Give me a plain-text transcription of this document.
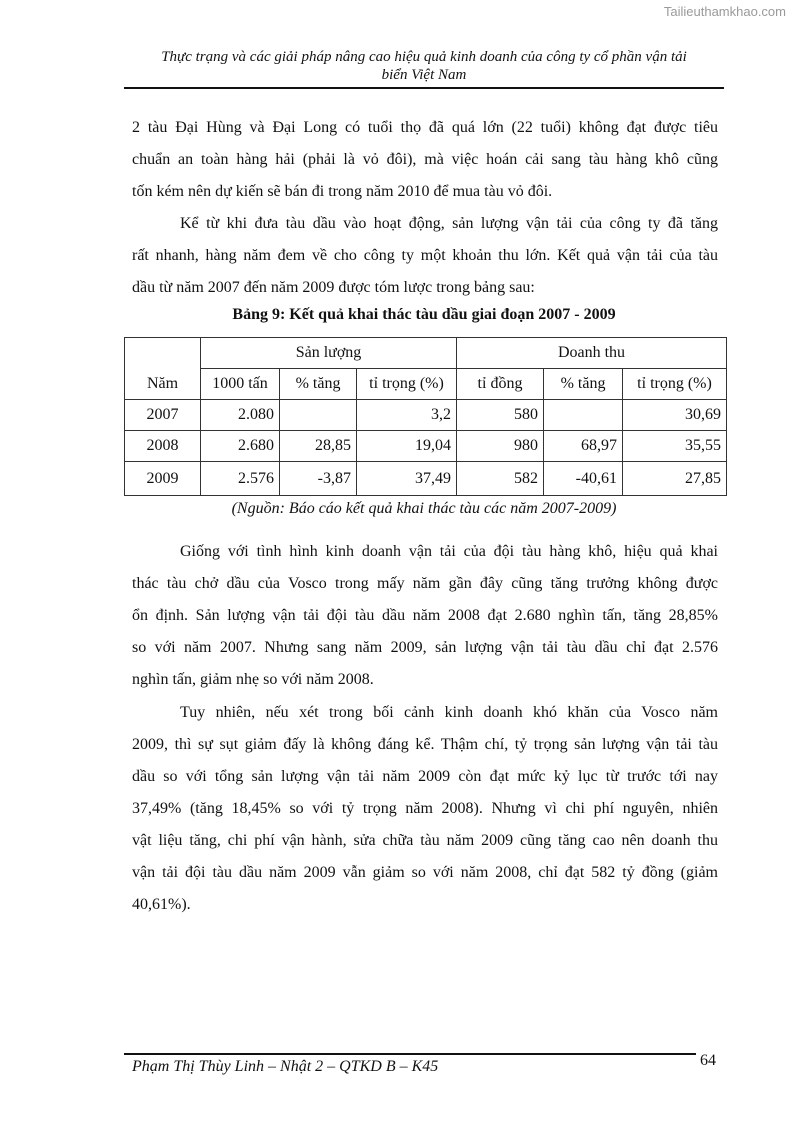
Tailieuthamkhao.com
Thực trạng và các giải pháp nâng cao hiệu quả kinh doanh của công ty cổ phần vận tải
biển Việt Nam
2 tàu Đại Hùng và Đại Long có tuổi thọ đã quá lớn (22 tuổi) không đạt được tiêu
chuẩn an toàn hàng hải (phải là vỏ đôi), mà việc hoán cải sang tàu hàng khô cũng
tốn kém nên dự kiến sẽ bán đi trong năm 2010 để mua tàu vỏ đôi.
Kể từ khi đưa tàu dầu vào hoạt động, sản lượng vận tải của công ty đã tăng
rất nhanh, hàng năm đem về cho công ty một khoản thu lớn. Kết quả vận tải của tàu
dầu từ năm 2007 đến năm 2009 được tóm lược trong bảng sau:
Bảng 9: Kết quả khai thác tàu dầu giai đoạn 2007 - 2009
Năm	Sản lượng			Doanh thu		
	1000 tấn	% tăng	tỉ trọng (%)	tỉ đồng	% tăng	tỉ trọng (%)
2007	2.080		3,2	580		30,69
2008	2.680	28,85	19,04	980	68,97	35,55
2009	2.576	-3,87	37,49	582	-40,61	27,85
(Nguồn: Báo cáo kết quả khai thác tàu các năm 2007-2009)
Giống với tình hình kinh doanh vận tải của đội tàu hàng khô, hiệu quả khai
thác tàu chở dầu của Vosco trong mấy năm gần đây cũng tăng trưởng không được
ổn định. Sản lượng vận tải đội tàu dầu năm 2008 đạt 2.680 nghìn tấn, tăng 28,85%
so với năm 2007. Nhưng sang năm 2009, sản lượng vận tải tàu dầu chỉ đạt 2.576
nghìn tấn, giảm nhẹ so với năm 2008.
Tuy nhiên, nếu xét trong bối cảnh kinh doanh khó khăn của Vosco năm
2009, thì sự sụt giảm đấy là không đáng kể. Thậm chí, tỷ trọng sản lượng vận tải tàu
dầu so với tổng sản lượng vận tải năm 2009 còn đạt mức kỷ lục từ trước tới nay
37,49% (tăng 18,45% so với tỷ trọng năm 2008). Nhưng vì chi phí nguyên, nhiên
vật liệu tăng, chi phí vận hành, sửa chữa tàu năm 2009 cũng tăng cao nên doanh thu
vận tải đội tàu dầu năm 2009 vẫn giảm so với năm 2008, chỉ đạt 582 tỷ đồng (giảm
40,61%).
Phạm Thị Thùy Linh – Nhật 2 – QTKD B – K45	64
